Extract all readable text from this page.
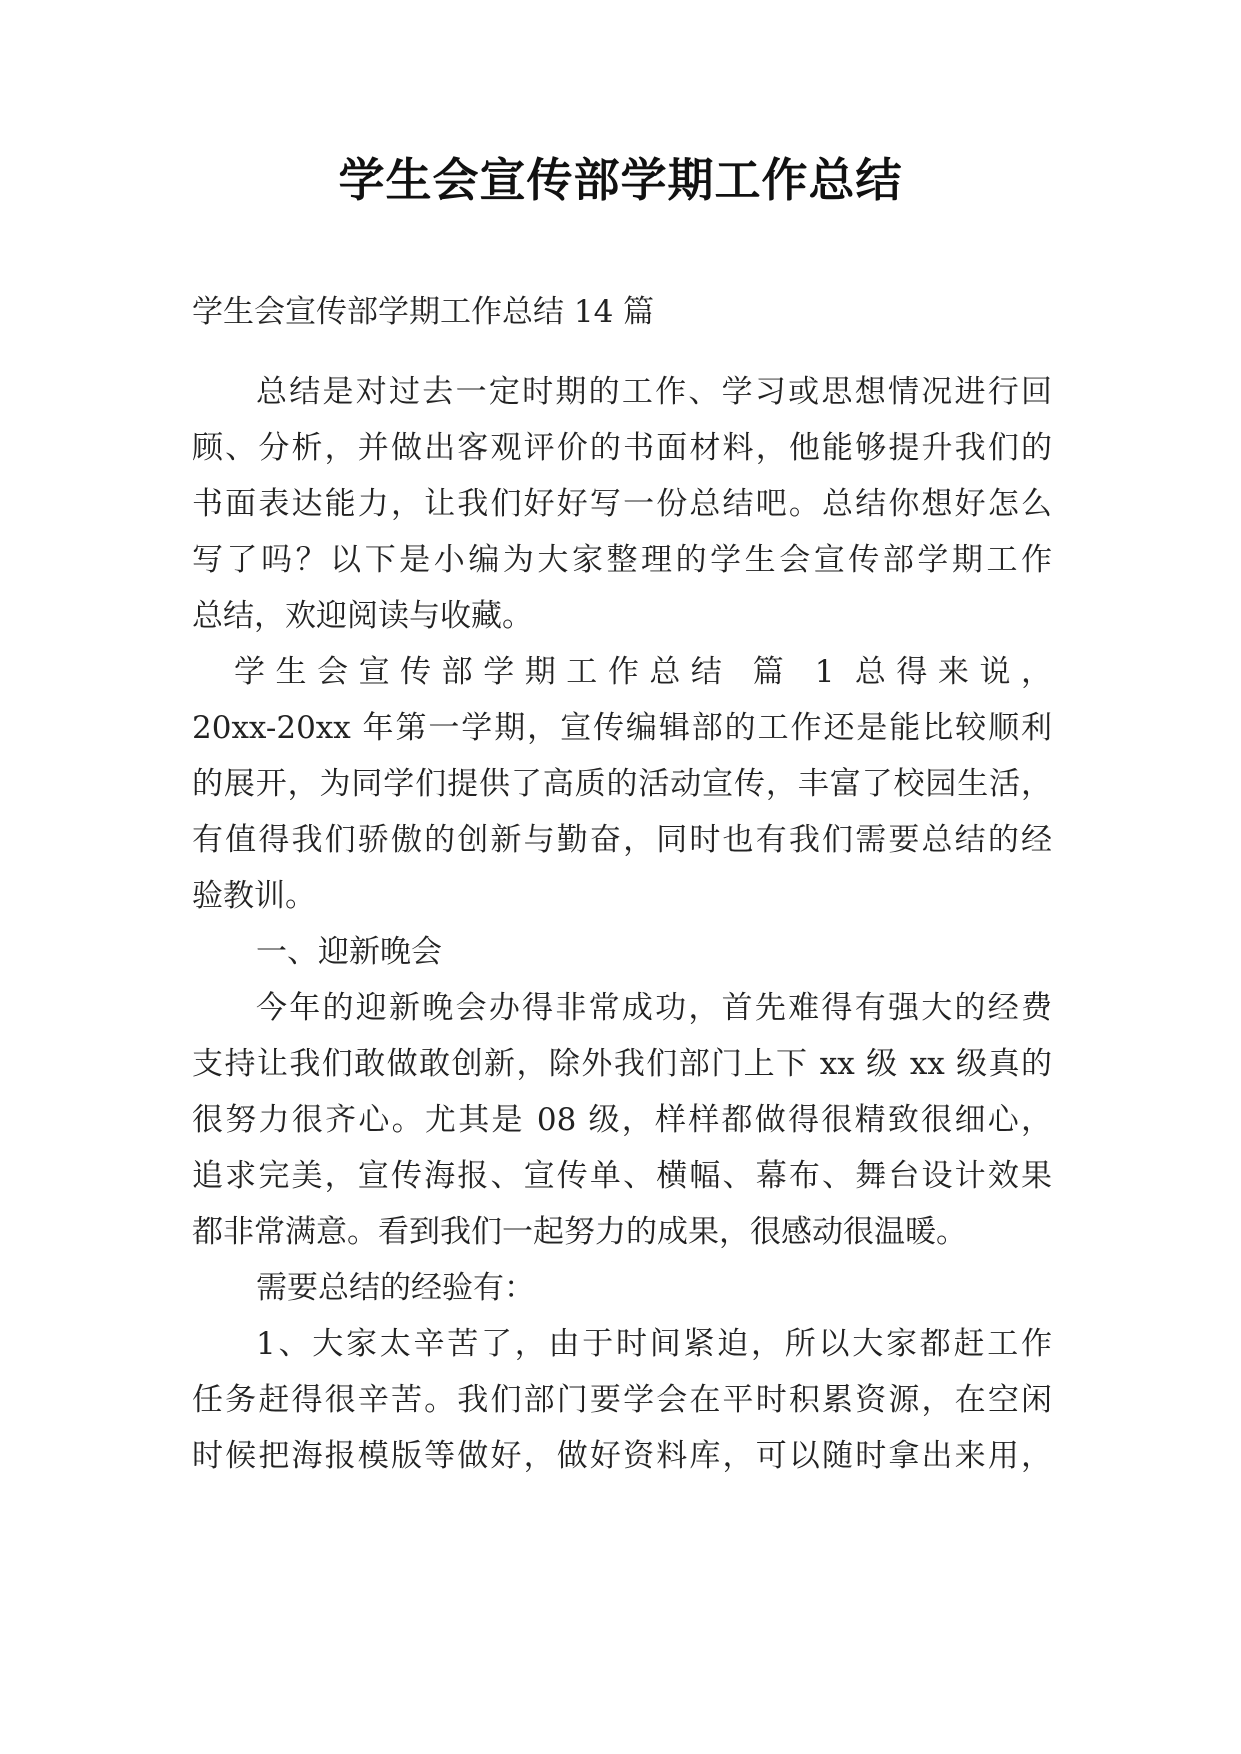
学生会宣传部学期工作总结
学生会宣传部学期工作总结 14 篇
总结是对过去一定时期的工作、学习或思想情况进行回
顾、分析，并做出客观评价的书面材料，他能够提升我们的
书面表达能力，让我们好好写一份总结吧。总结你想好怎么
写了吗？以下是小编为大家整理的学生会宣传部学期工作
总结，欢迎阅读与收藏。
学生会宣传部学期工作总结 篇 1 总得来说，
20xx-20xx 年第一学期，宣传编辑部的工作还是能比较顺利
的展开，为同学们提供了高质的活动宣传，丰富了校园生活，
有值得我们骄傲的创新与勤奋，同时也有我们需要总结的经
验教训。
一、迎新晚会
今年的迎新晚会办得非常成功，首先难得有强大的经费
支持让我们敢做敢创新，除外我们部门上下 xx 级 xx 级真的
很努力很齐心。尤其是 08 级，样样都做得很精致很细心，
追求完美，宣传海报、宣传单、横幅、幕布、舞台设计效果
都非常满意。看到我们一起努力的成果，很感动很温暖。
需要总结的经验有：
1、大家太辛苦了，由于时间紧迫，所以大家都赶工作
任务赶得很辛苦。我们部门要学会在平时积累资源，在空闲
时候把海报模版等做好，做好资料库，可以随时拿出来用，
